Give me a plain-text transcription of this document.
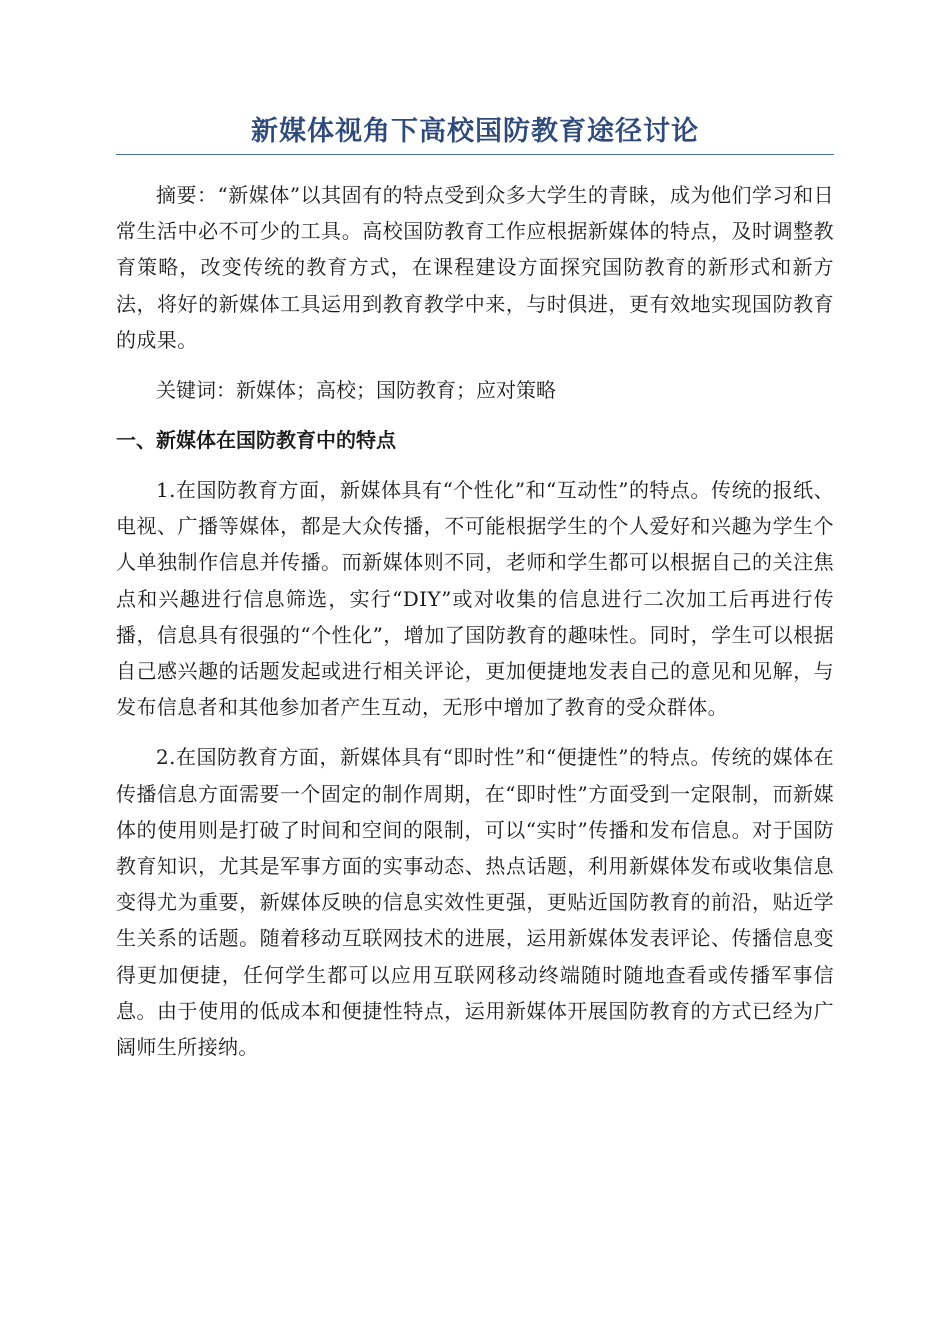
新媒体视角下高校国防教育途径讨论

摘要：“新媒体”以其固有的特点受到众多大学生的青睐，成为他们学习和日常生活中必不可少的工具。高校国防教育工作应根据新媒体的特点，及时调整教育策略，改变传统的教育方式，在课程建设方面探究国防教育的新形式和新方法，将好的新媒体工具运用到教育教学中来，与时俱进，更有效地实现国防教育的成果。

关键词：新媒体；高校；国防教育；应对策略

一、新媒体在国防教育中的特点

1.在国防教育方面，新媒体具有“个性化”和“互动性”的特点。传统的报纸、电视、广播等媒体，都是大众传播，不可能根据学生的个人爱好和兴趣为学生个人单独制作信息并传播。而新媒体则不同，老师和学生都可以根据自己的关注焦点和兴趣进行信息筛选，实行“DIY”或对收集的信息进行二次加工后再进行传播，信息具有很强的“个性化”，增加了国防教育的趣味性。同时，学生可以根据自己感兴趣的话题发起或进行相关评论，更加便捷地发表自己的意见和见解，与发布信息者和其他参加者产生互动，无形中增加了教育的受众群体。

2.在国防教育方面，新媒体具有“即时性”和“便捷性”的特点。传统的媒体在传播信息方面需要一个固定的制作周期，在“即时性”方面受到一定限制，而新媒体的使用则是打破了时间和空间的限制，可以“实时”传播和发布信息。对于国防教育知识，尤其是军事方面的实事动态、热点话题，利用新媒体发布或收集信息变得尤为重要，新媒体反映的信息实效性更强，更贴近国防教育的前沿，贴近学生关系的话题。随着移动互联网技术的进展，运用新媒体发表评论、传播信息变得更加便捷，任何学生都可以应用互联网移动终端随时随地查看或传播军事信息。由于使用的低成本和便捷性特点，运用新媒体开展国防教育的方式已经为广阔师生所接纳。
